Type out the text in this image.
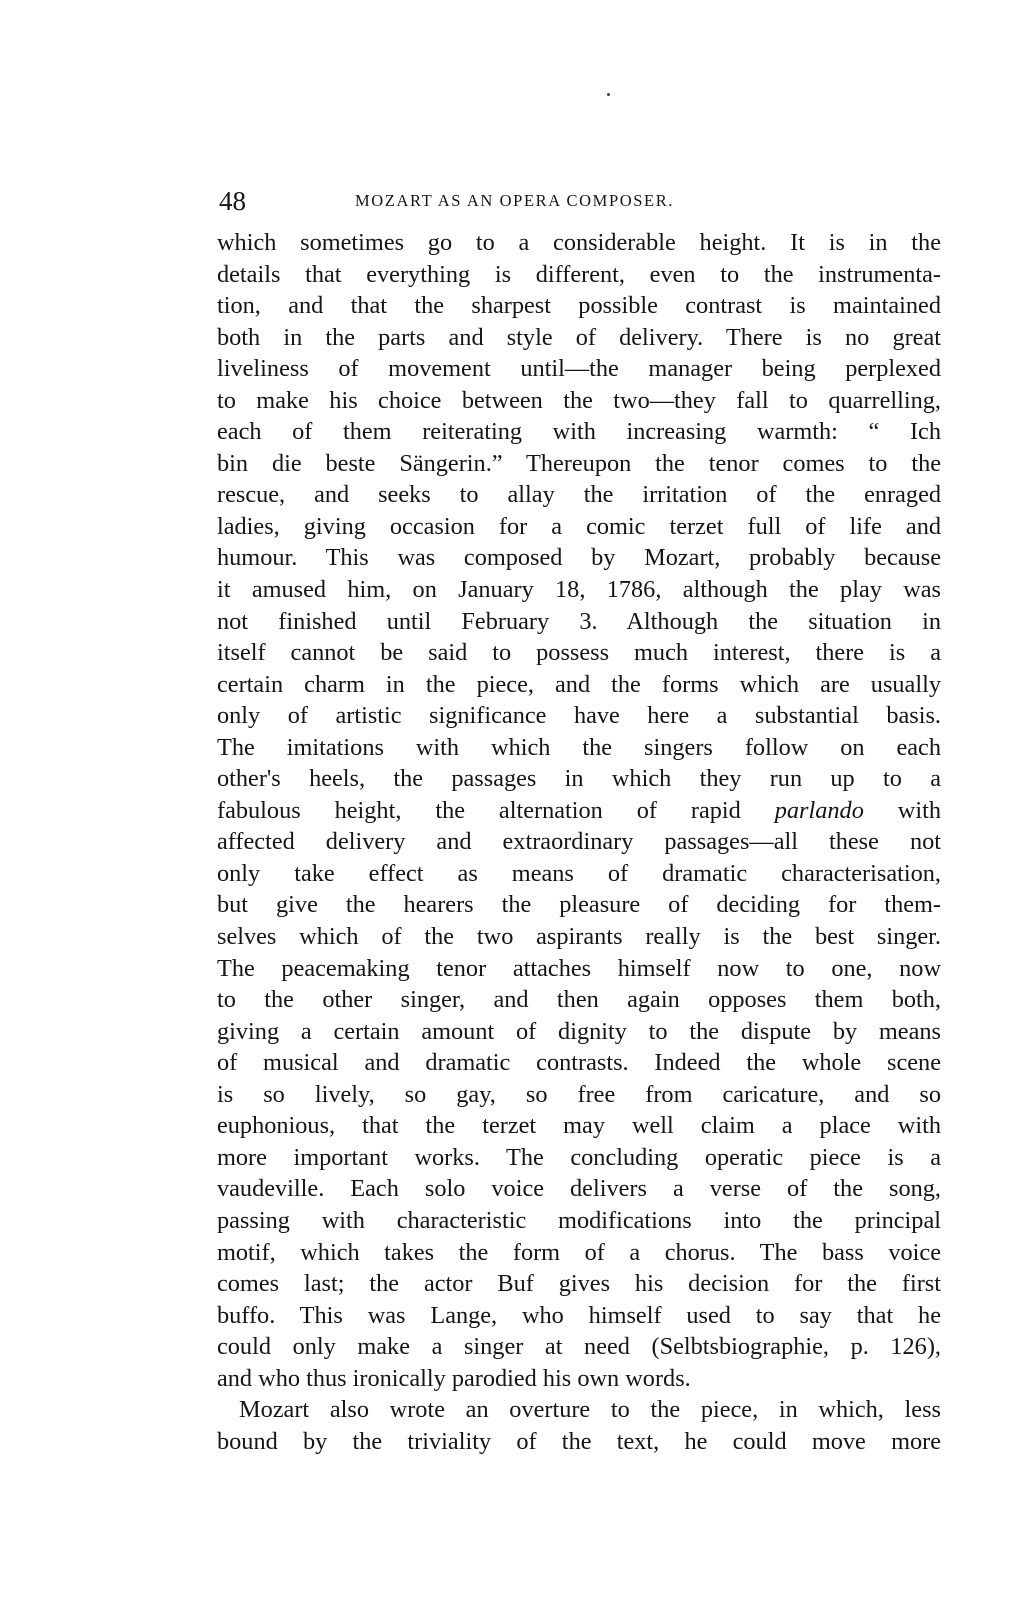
48	MOZART AS AN OPERA COMPOSER.
which sometimes go to a considerable height. It is in the
details that everything is different, even to the instrumenta-
tion, and that the sharpest possible contrast is maintained
both in the parts and style of delivery. There is no great
liveliness of movement until—the manager being perplexed
to make his choice between the two—they fall to quarrelling,
each of them reiterating with increasing warmth: “ Ich
bin die beste Sängerin.” Thereupon the tenor comes to the
rescue, and seeks to allay the irritation of the enraged
ladies, giving occasion for a comic terzet full of life and
humour. This was composed by Mozart, probably because
it amused him, on January 18, 1786, although the play was
not finished until February 3. Although the situation in
itself cannot be said to possess much interest, there is a
certain charm in the piece, and the forms which are usually
only of artistic significance have here a substantial basis.
The imitations with which the singers follow on each
other's heels, the passages in which they run up to a
fabulous height, the alternation of rapid parlando with
affected delivery and extraordinary passages—all these not
only take effect as means of dramatic characterisation,
but give the hearers the pleasure of deciding for them-
selves which of the two aspirants really is the best singer.
The peacemaking tenor attaches himself now to one, now
to the other singer, and then again opposes them both,
giving a certain amount of dignity to the dispute by means
of musical and dramatic contrasts. Indeed the whole scene
is so lively, so gay, so free from caricature, and so
euphonious, that the terzet may well claim a place with
more important works. The concluding operatic piece is a
vaudeville. Each solo voice delivers a verse of the song,
passing with characteristic modifications into the principal
motif, which takes the form of a chorus. The bass voice
comes last; the actor Buf gives his decision for the first
buffo. This was Lange, who himself used to say that he
could only make a singer at need (Selbtsbiographie, p. 126),
and who thus ironically parodied his own words.
Mozart also wrote an overture to the piece, in which, less
bound by the triviality of the text, he could move more
